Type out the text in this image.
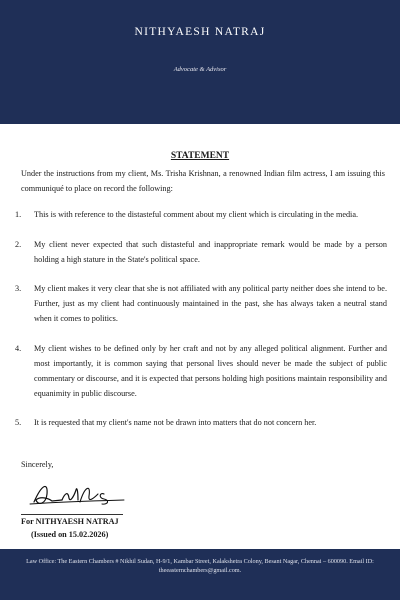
NITHYAESH NATRAJ
Advocate & Advisor
STATEMENT
Under the instructions from my client, Ms. Trisha Krishnan, a renowned Indian film actress, I am issuing this communiqué to place on record the following:
1.	This is with reference to the distasteful comment about my client which is circulating in the media.
2.	My client never expected that such distasteful and inappropriate remark would be made by a person holding a high stature in the State's political space.
3.	My client makes it very clear that she is not affiliated with any political party neither does she intend to be. Further, just as my client had continuously maintained in the past, she has always taken a neutral stand when it comes to politics.
4.	My client wishes to be defined only by her craft and not by any alleged political alignment. Further and most importantly, it is common saying that personal lives should never be made the subject of public commentary or discourse, and it is expected that persons holding high positions maintain responsibility and equanimity in public discourse.
5.	It is requested that my client's name not be drawn into matters that do not concern her.
Sincerely,
For NITHYAESH NATRAJ
(Issued on 15.02.2026)
Law Office: The Eastern Chambers # Nikhil Sudan, H-9/1, Kambar Street, Kalakshetra Colony, Besant Nagar, Chennai – 600090. Email ID: theeasternchambers@gmail.com.
